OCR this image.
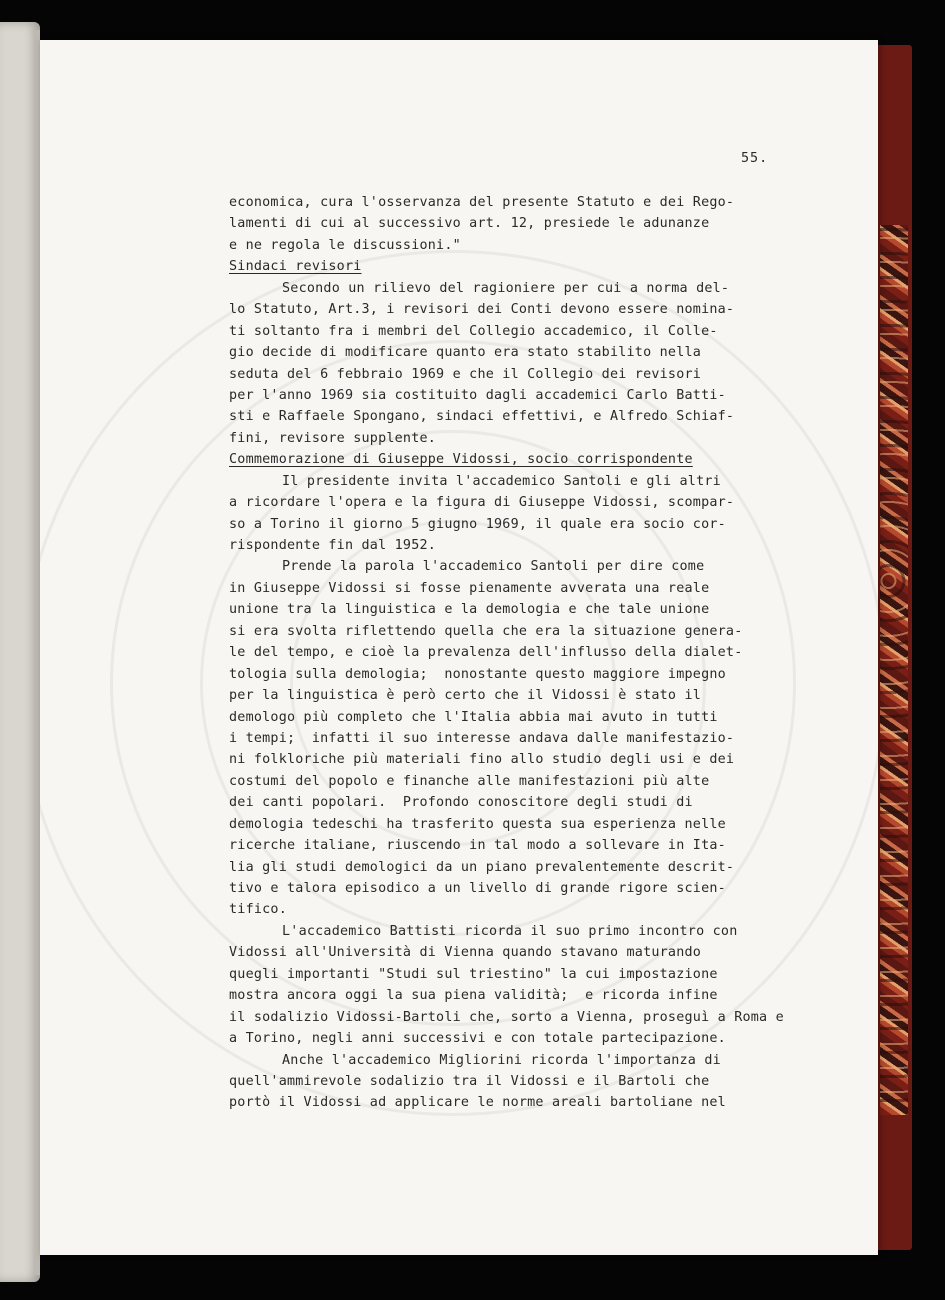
55.
economica, cura l'osservanza del presente Statuto e dei Rego-
lamenti di cui al successivo art. 12, presiede le adunanze
e ne regola le discussioni."
Sindaci revisori
Secondo un rilievo del ragioniere per cui a norma del-
lo Statuto, Art.3, i revisori dei Conti devono essere nomina-
ti soltanto fra i membri del Collegio accademico, il Colle-
gio decide di modificare quanto era stato stabilito nella
seduta del 6 febbraio 1969 e che il Collegio dei revisori
per l'anno 1969 sia costituito dagli accademici Carlo Batti-
sti e Raffaele Spongano, sindaci effettivi, e Alfredo Schiaf-
fini, revisore supplente.
Commemorazione di Giuseppe Vidossi, socio corrispondente
Il presidente invita l'accademico Santoli e gli altri
a ricordare l'opera e la figura di Giuseppe Vidossi, scompar-
so a Torino il giorno 5 giugno 1969, il quale era socio cor-
rispondente fin dal 1952.
Prende la parola l'accademico Santoli per dire come
in Giuseppe Vidossi si fosse pienamente avverata una reale
unione tra la linguistica e la demologia e che tale unione
si era svolta riflettendo quella che era la situazione genera-
le del tempo, e cioè la prevalenza dell'influsso della dialet-
tologia sulla demologia;  nonostante questo maggiore impegno
per la linguistica è però certo che il Vidossi è stato il
demologo più completo che l'Italia abbia mai avuto in tutti
i tempi;  infatti il suo interesse andava dalle manifestazio-
ni folkloriche più materiali fino allo studio degli usi e dei
costumi del popolo e finanche alle manifestazioni più alte
dei canti popolari.  Profondo conoscitore degli studi di
demologia tedeschi ha trasferito questa sua esperienza nelle
ricerche italiane, riuscendo in tal modo a sollevare in Ita-
lia gli studi demologici da un piano prevalentemente descrit-
tivo e talora episodico a un livello di grande rigore scien-
tifico.
L'accademico Battisti ricorda il suo primo incontro con
Vidossi all'Università di Vienna quando stavano maturando
quegli importanti "Studi sul triestino" la cui impostazione
mostra ancora oggi la sua piena validità;  e ricorda infine
il sodalizio Vidossi-Bartoli che, sorto a Vienna, proseguì a Roma e
a Torino, negli anni successivi e con totale partecipazione.
Anche l'accademico Migliorini ricorda l'importanza di
quell'ammirevole sodalizio tra il Vidossi e il Bartoli che
portò il Vidossi ad applicare le norme areali bartoliane nel
